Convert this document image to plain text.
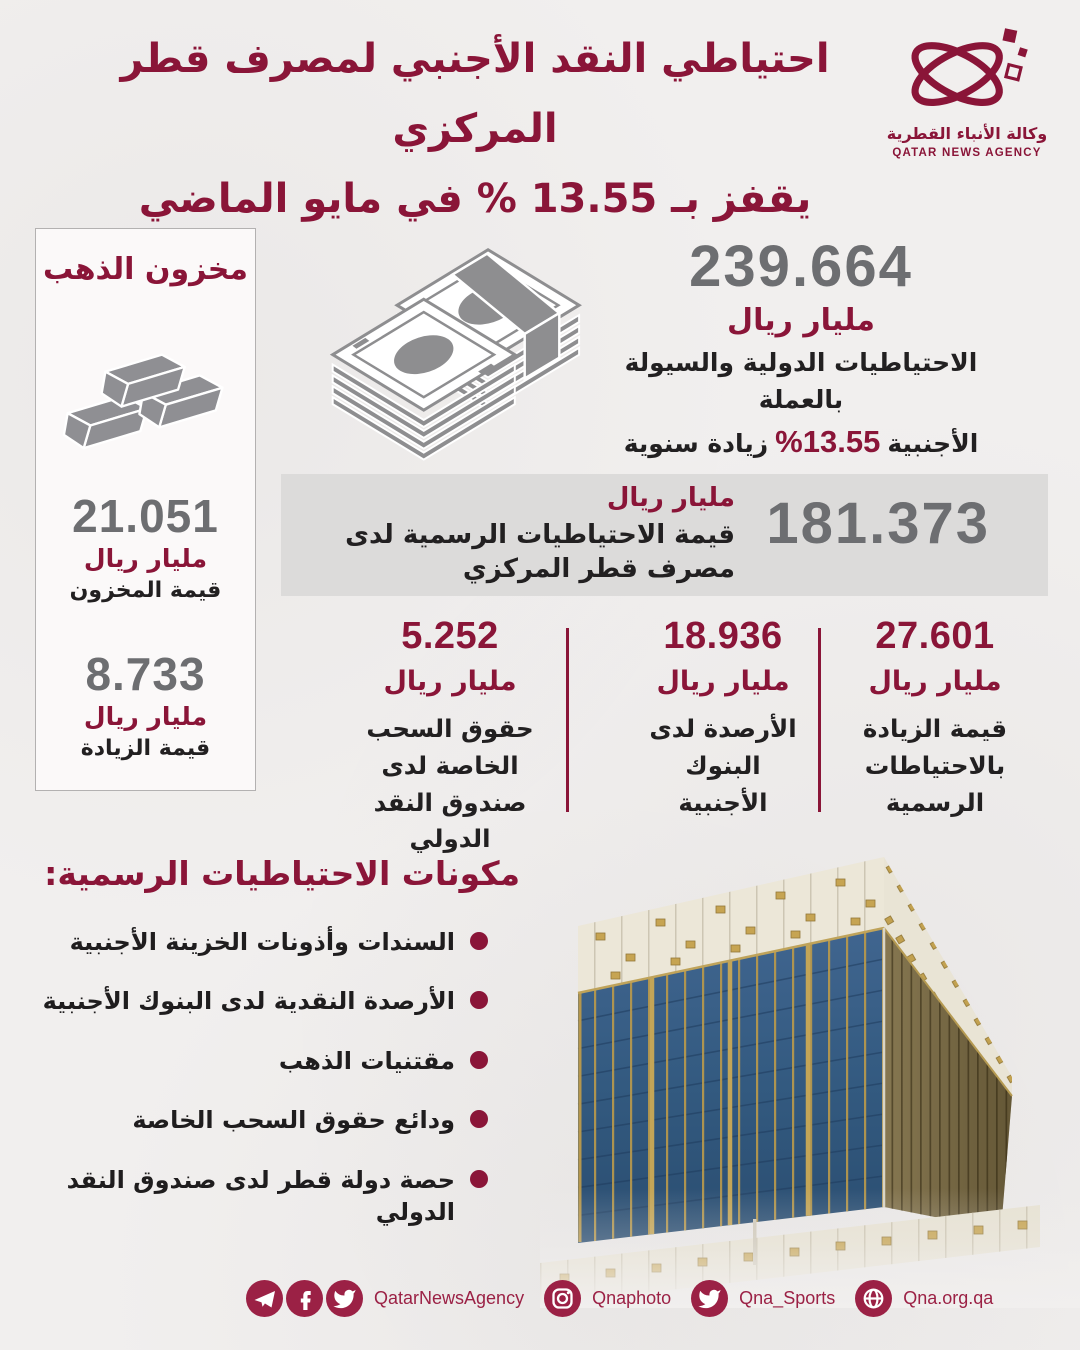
احتياطي النقد الأجنبي لمصرف قطر المركزي
يقفز بـ 13.55 % في مايو الماضي
وكالة الأنباء القطرية
QATAR NEWS AGENCY
مخزون الذهب
21.051
مليار ريال
قيمة المخزون
8.733
مليار ريال
قيمة الزيادة
239.664
مليار ريال
الاحتياطيات الدولية والسيولة بالعملة
الأجنبية%13.55زيادة سنوية
مليار ريال
قيمة الاحتياطيات الرسمية لدى مصرف قطر المركزي
181.373
27.601
مليار ريال
قيمة الزيادة بالاحتياطات الرسمية
18.936
مليار ريال
الأرصدة لدى البنوك الأجنبية
5.252
مليار ريال
حقوق السحب الخاصة لدى صندوق النقد الدولي
مكونات الاحتياطيات الرسمية:
السندات وأذونات الخزينة الأجنبية
الأرصدة النقدية لدى البنوك الأجنبية
مقتنيات الذهب
ودائع حقوق السحب الخاصة
حصة دولة قطر لدى صندوق النقد الدولي
QatarNewsAgency	Qnaphoto	Qna_Sports	Qna.org.qa
